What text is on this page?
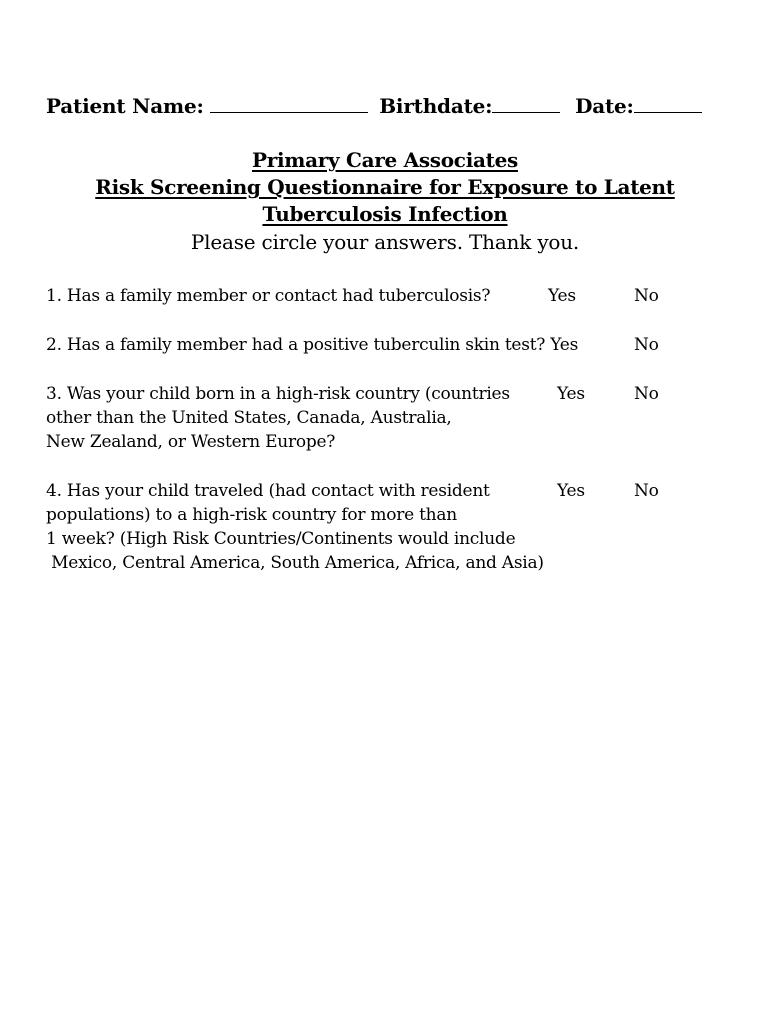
Patient Name:	Birthdate:	Date:
Primary Care Associates
Risk Screening Questionnaire for Exposure to Latent
Tuberculosis Infection
Please circle your answers. Thank you.
1. Has a family member or contact had tuberculosis?	Yes	No
2. Has a family member had a positive tuberculin skin test? Yes	No
3. Was your child born in a high-risk country (countries
other than the United States, Canada, Australia,
New Zealand, or Western Europe?
Yes	No
4. Has your child traveled (had contact with resident
populations) to a high-risk country for more than
1 week? (High Risk Countries/Continents would include
Mexico, Central America, South America, Africa, and Asia)
Yes	No
